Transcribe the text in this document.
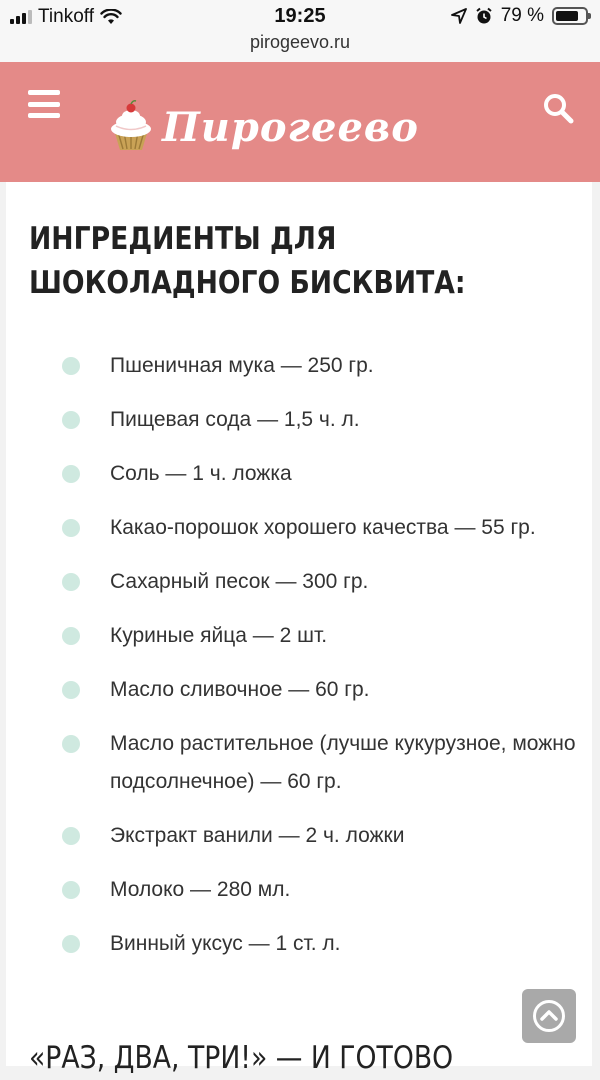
Tinkoff	19:25
pirogeevo.ru
79 %
Пирогеево
ИНГРЕДИЕНТЫ ДЛЯ ШОКОЛАДНОГО БИСКВИТА:
Пшеничная мука — 250 гр.
Пищевая сода — 1,5 ч. л.
Соль — 1 ч. ложка
Какао-порошок хорошего качества — 55 гр.
Сахарный песок — 300 гр.
Куриные яйца — 2 шт.
Масло сливочное — 60 гр.
Масло растительное (лучше кукурузное, можно подсолнечное) — 60 гр.
Экстракт ванили — 2 ч. ложки
Молоко — 280 мл.
Винный уксус — 1 ст. л.
«РАЗ, ДВА, ТРИ!» — И ГОТОВО
